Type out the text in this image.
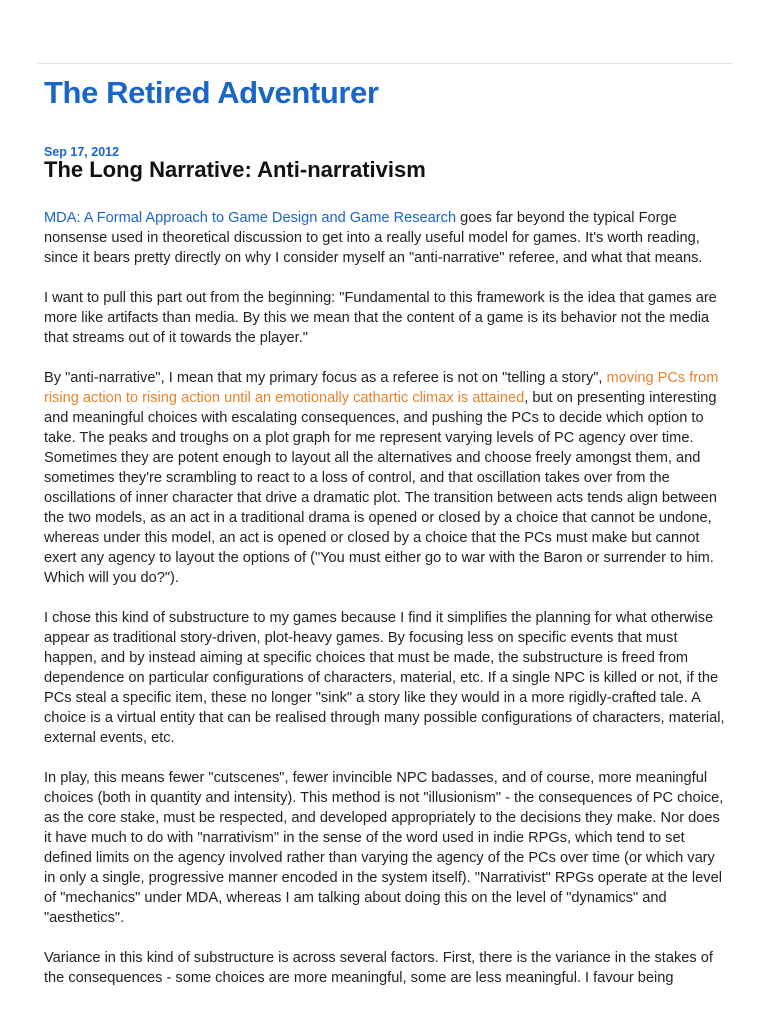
The Retired Adventurer
Sep 17, 2012
The Long Narrative: Anti-narrativism

MDA: A Formal Approach to Game Design and Game Research goes far beyond the typical Forge nonsense used in theoretical discussion to get into a really useful model for games. It's worth reading, since it bears pretty directly on why I consider myself an "anti-narrative" referee, and what that means.

I want to pull this part out from the beginning: "Fundamental to this framework is the idea that games are more like artifacts than media. By this we mean that the content of a game is its behavior not the media that streams out of it towards the player."

By "anti-narrative", I mean that my primary focus as a referee is not on "telling a story", moving PCs from rising action to rising action until an emotionally cathartic climax is attained, but on presenting interesting and meaningful choices with escalating consequences, and pushing the PCs to decide which option to take. The peaks and troughs on a plot graph for me represent varying levels of PC agency over time. Sometimes they are potent enough to layout all the alternatives and choose freely amongst them, and sometimes they're scrambling to react to a loss of control, and that oscillation takes over from the oscillations of inner character that drive a dramatic plot. The transition between acts tends align between the two models, as an act in a traditional drama is opened or closed by a choice that cannot be undone, whereas under this model, an act is opened or closed by a choice that the PCs must make but cannot exert any agency to layout the options of ("You must either go to war with the Baron or surrender to him. Which will you do?").

I chose this kind of substructure to my games because I find it simplifies the planning for what otherwise appear as traditional story-driven, plot-heavy games. By focusing less on specific events that must happen, and by instead aiming at specific choices that must be made, the substructure is freed from dependence on particular configurations of characters, material, etc. If a single NPC is killed or not, if the PCs steal a specific item, these no longer "sink" a story like they would in a more rigidly-crafted tale. A choice is a virtual entity that can be realised through many possible configurations of characters, material, external events, etc.

In play, this means fewer "cutscenes", fewer invincible NPC badasses, and of course, more meaningful choices (both in quantity and intensity). This method is not "illusionism" - the consequences of PC choice, as the core stake, must be respected, and developed appropriately to the decisions they make. Nor does it have much to do with "narrativism" in the sense of the word used in indie RPGs, which tend to set defined limits on the agency involved rather than varying the agency of the PCs over time (or which vary in only a single, progressive manner encoded in the system itself). "Narrativist" RPGs operate at the level of "mechanics" under MDA, whereas I am talking about doing this on the level of "dynamics" and "aesthetics".

Variance in this kind of substructure is across several factors. First, there is the variance in the stakes of the consequences - some choices are more meaningful, some are less meaningful. I favour being
